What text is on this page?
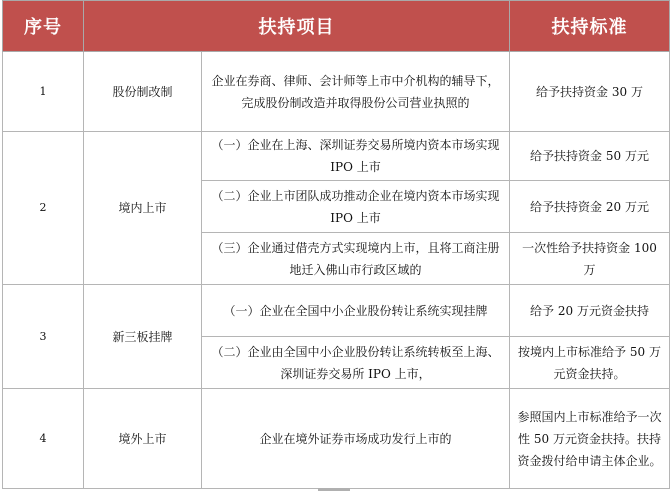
序号	扶持项目		扶持标准
1	股份制改制	企业在券商、律师、会计师等上市中介机构的辅导下，完成股份制改造并取得股份公司营业执照的	给予扶持资金 30 万
2	境内上市	（一）企业在上海、深圳证券交易所境内资本市场实现 IPO 上市	给予扶持资金 50 万元
		（二）企业上市团队成功推动企业在境内资本市场实现 IPO 上市	给予扶持资金 20 万元
		（三）企业通过借壳方式实现境内上市，且将工商注册地迁入佛山市行政区域的	一次性给予扶持资金 100 万
3	新三板挂牌	（一）企业在全国中小企业股份转让系统实现挂牌	给予 20 万元资金扶持
		（二）企业由全国中小企业股份转让系统转板至上海、深圳证券交易所 IPO 上市，	按境内上市标准给予 50 万元资金扶持。
4	境外上市	企业在境外证券市场成功发行上市的	参照国内上市标准给予一次性 50 万元资金扶持。扶持资金拨付给申请主体企业。
